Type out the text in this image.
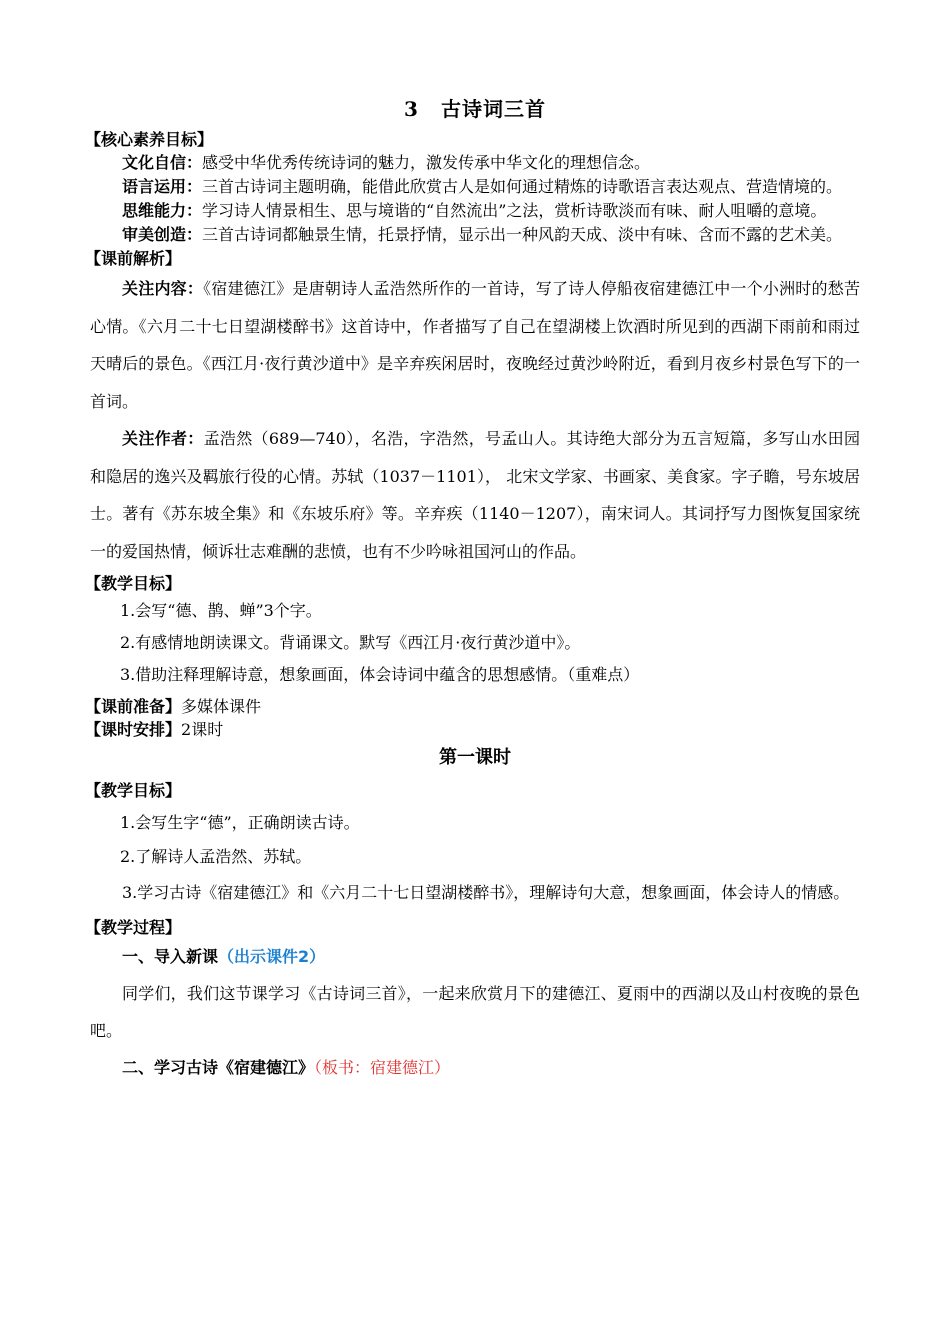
3 古诗词三首

【核心素养目标】

文化自信：感受中华优秀传统诗词的魅力，激发传承中华文化的理想信念。

语言运用：三首古诗词主题明确，能借此欣赏古人是如何通过精炼的诗歌语言表达观点、营造情境的。

思维能力：学习诗人情景相生、思与境谐的“自然流出”之法，赏析诗歌淡而有味、耐人咀嚼的意境。

审美创造：三首古诗词都触景生情，托景抒情，显示出一种风韵天成、淡中有味、含而不露的艺术美。

【课前解析】

关注内容：《宿建德江》是唐朝诗人孟浩然所作的一首诗，写了诗人停船夜宿建德江中一个小洲时的愁苦心情。《六月二十七日望湖楼醉书》这首诗中，作者描写了自己在望湖楼上饮酒时所见到的西湖下雨前和雨过天晴后的景色。《西江月·夜行黄沙道中》是辛弃疾闲居时，夜晚经过黄沙岭附近，看到月夜乡村景色写下的一首词。

关注作者：孟浩然（689—740），名浩，字浩然，号孟山人。其诗绝大部分为五言短篇，多写山水田园和隐居的逸兴及羁旅行役的心情。苏轼（1037－1101）， 北宋文学家、书画家、美食家。字子瞻，号东坡居士。著有《苏东坡全集》和《东坡乐府》等。辛弃疾（1140－1207），南宋词人。其词抒写力图恢复国家统一的爱国热情，倾诉壮志难酬的悲愤，也有不少吟咏祖国河山的作品。

【教学目标】

1.会写“德、鹊、蝉”3个字。

2.有感情地朗读课文。背诵课文。默写《西江月·夜行黄沙道中》。

3.借助注释理解诗意，想象画面，体会诗词中蕴含的思想感情。（重难点）

【课前准备】多媒体课件

【课时安排】2课时

第一课时

【教学目标】

1.会写生字“德”，正确朗读古诗。

2.了解诗人孟浩然、苏轼。

3.学习古诗《宿建德江》和《六月二十七日望湖楼醉书》，理解诗句大意，想象画面，体会诗人的情感。

【教学过程】

一、导入新课（出示课件2）

同学们，我们这节课学习《古诗词三首》，一起来欣赏月下的建德江、夏雨中的西湖以及山村夜晚的景色吧。

二、学习古诗《宿建德江》（板书：宿建德江）
